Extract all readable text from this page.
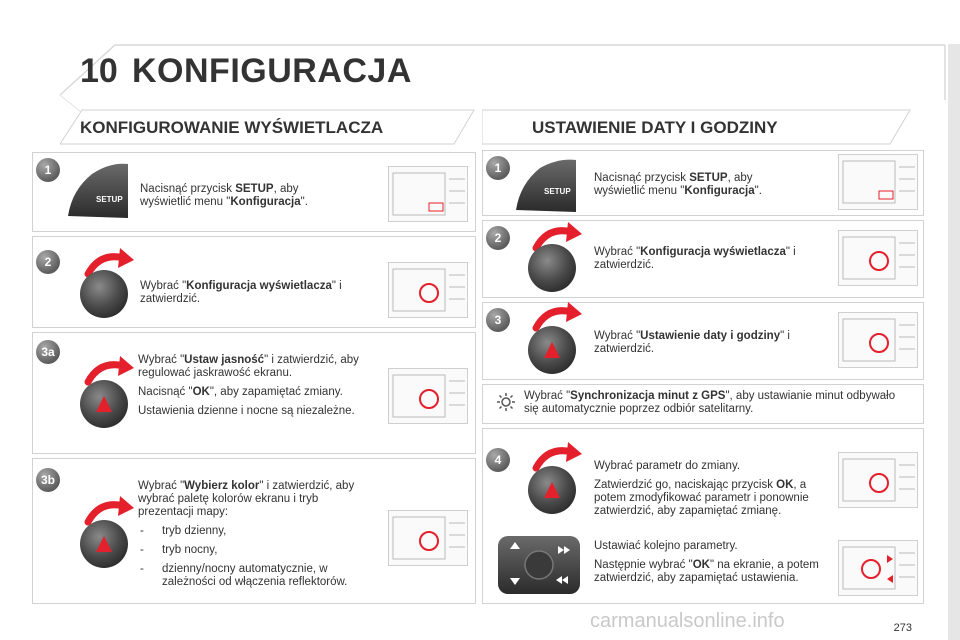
10 KONFIGURACJA
KONFIGUROWANIE WYŚWIETLACZA	USTAWIENIE DATY I GODZINY
1
SETUP
Nacisnąć przycisk SETUP, aby wyświetlić menu "Konfiguracja".
2
Wybrać "Konfiguracja wyświetlacza" i zatwierdzić.
3a

Wybrać "Ustaw jasność" i zatwierdzić, aby regulować jaskrawość ekranu.

Nacisnąć "OK", aby zapamiętać zmiany.

Ustawienia dzienne i nocne są niezależne.

3b	Wybrać "Wybierz kolor" i zatwierdzić, aby wybrać paletę kolorów ekranu i tryb prezentacji mapy:

- tryb dzienny,
- tryb nocny,
- dzienny/nocny automatycznie, w zależności od włączenia reflektorów.
1
SETUP
Nacisnąć przycisk SETUP, aby wyświetlić menu "Konfiguracja".
2
Wybrać "Konfiguracja wyświetlacza" i zatwierdzić.
3
Wybrać "Ustawienie daty i godziny" i zatwierdzić.
Wybrać "Synchronizacja minut z GPS", aby ustawianie minut odbywało się automatycznie poprzez odbiór satelitarny.
4	Wybrać parametr do zmiany.

Zatwierdzić go, naciskając przycisk OK, a potem zmodyfikować parametr i ponownie zatwierdzić, aby zapamiętać zmianę.

Ustawiać kolejno parametry.

Następnie wybrać "OK" na ekranie, a potem zatwierdzić, aby zapamiętać ustawienia.

carmanualsonline.info	273
